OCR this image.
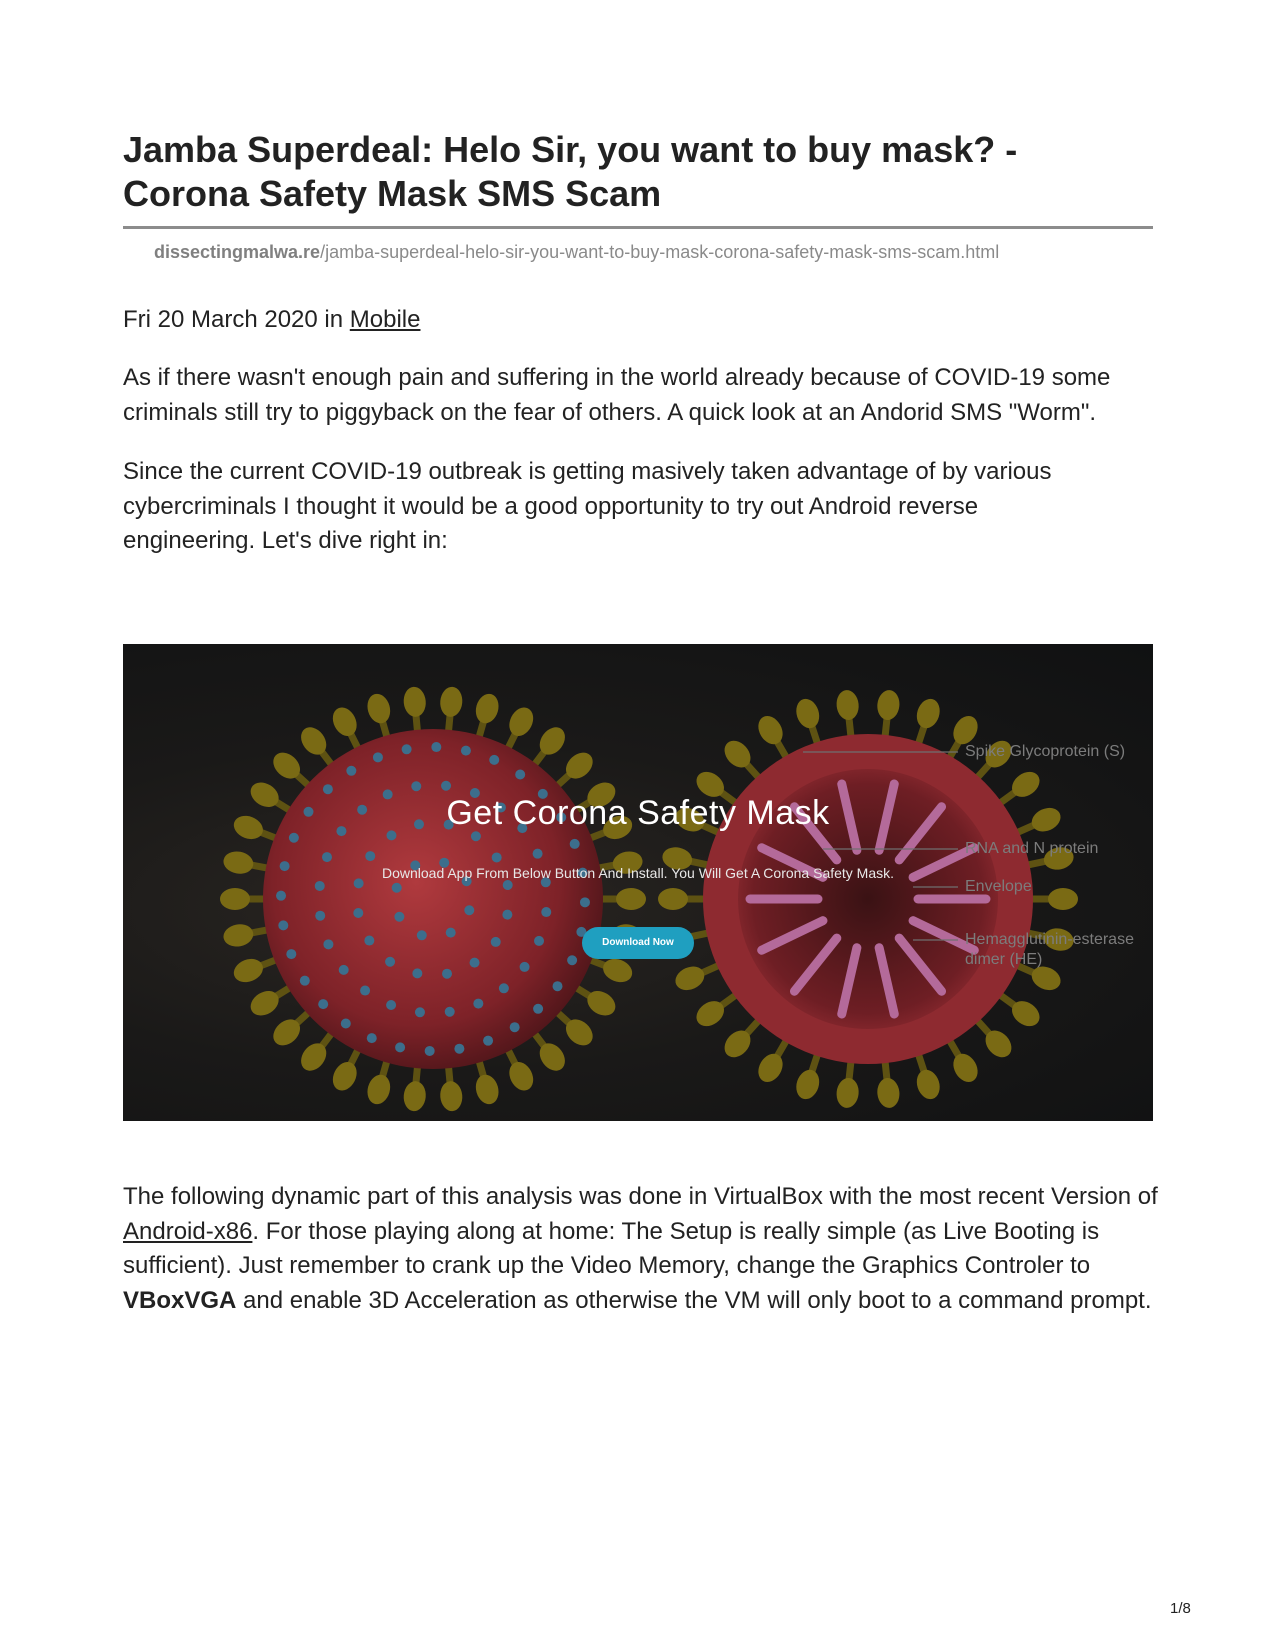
Jamba Superdeal: Helo Sir, you want to buy mask? - Corona Safety Mask SMS Scam
dissectingmalwa.re/jamba-superdeal-helo-sir-you-want-to-buy-mask-corona-safety-mask-sms-scam.html
Fri 20 March 2020 in Mobile

As if there wasn't enough pain and suffering in the world already because of COVID-19 some criminals still try to piggyback on the fear of others. A quick look at an Andorid SMS "Worm".

Since the current COVID-19 outbreak is getting masively taken advantage of by various cybercriminals I thought it would be a good opportunity to try out Android reverse engineering. Let's dive right in:

Get Corona Safety Mask
Download App From Below Button And Install. You Will Get A Corona Safety Mask.
Download Now
Spike Glycoprotein (S)
RNA and N protein
Envelope
Hemagglutinin-esterase dimer (HE)

The following dynamic part of this analysis was done in VirtualBox with the most recent Version of Android-x86. For those playing along at home: The Setup is really simple (as Live Booting is sufficient). Just remember to crank up the Video Memory, change the Graphics Controler to VBoxVGA and enable 3D Acceleration as otherwise the VM will only boot to a command prompt.

1/8
